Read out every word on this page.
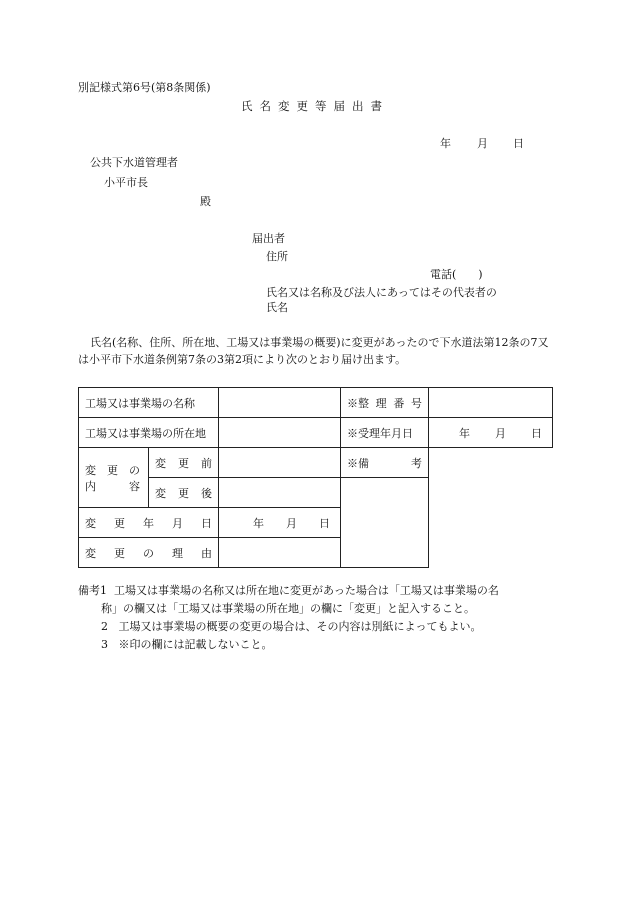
別記様式第6号(第8条関係)
氏名変更等届出書
年 月 日
公共下水道管理者
小平市長
殿
届出者
住所
電話(　　)
氏名又は名称及び法人にあってはその代表者の
氏名
氏名(名称、住所、所在地、工場又は事業場の概要)に変更があったので下水道法第12条の7又は小平市下水道条例第7条の3第2項により次のとおり届け出ます。
工場又は事業場の名称			※整 理 番 号	

工場又は事業場の所在地			※受理年月日	年 月 日

変　更　の
内　　　容	変 更 前		※備 考	

	変 更 後			

変 更 年 月 日		年 月 日		

変 更 の 理 由				

備考1 工場又は事業場の名称又は所在地に変更があった場合は「工場又は事業場の名
称」の欄又は「工場又は事業場の所在地」の欄に「変更」と記入すること。
2 工場又は事業場の概要の変更の場合は、その内容は別紙によってもよい。
3 ※印の欄には記載しないこと。
